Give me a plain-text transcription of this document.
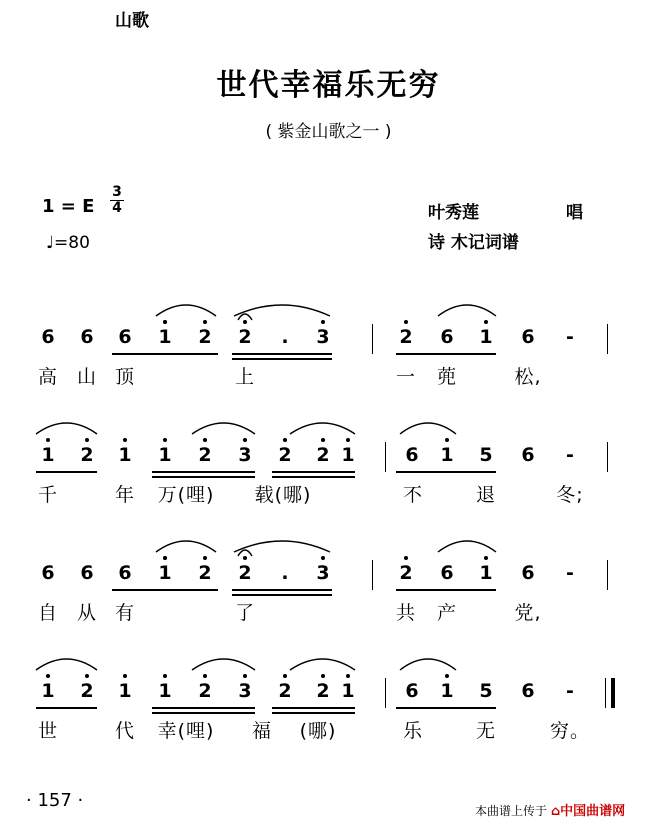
山歌
世代幸福乐无穷
( 紫金山歌之一 )
1 = E
3
4
♩=80
叶秀莲	唱
诗 木记词谱
6 6 6 1 2 2 . 3	2 6 1 6 -
高 山 顶	上	一 蔸	松,
1 2 1 1 2 3 2 2 1	6 1 5 6 -
千	年 万(哩) 载(哪)	不	退	冬;
6 6 6 1 2 2 . 3	2 6 1 6 -
自 从 有	了	共 产	党,
1 2 1 1 2 3 2 2 1	6 1 5 6 -
世	代 幸(哩) 福 (哪)	乐	无	穷。
· 157 ·	本曲谱上传于 ⌂中国曲谱网
